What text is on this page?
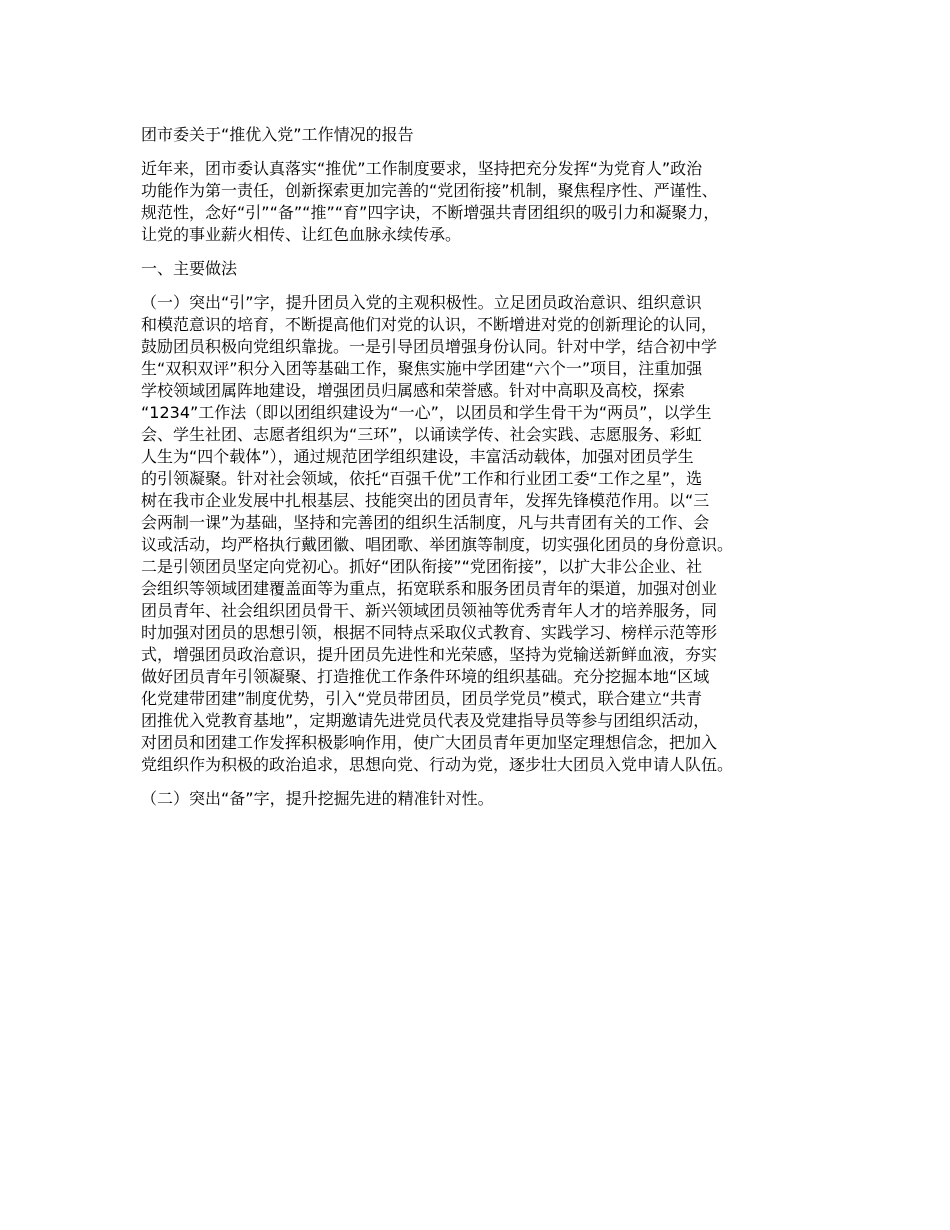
团市委关于“推优入党”工作情况的报告
近年来，团市委认真落实“推优”工作制度要求，坚持把充分发挥“为党育人”政治
功能作为第一责任，创新探索更加完善的“党团衔接”机制，聚焦程序性、严谨性、
规范性，念好“引”“备”“推”“育”四字诀，不断增强共青团组织的吸引力和凝聚力，
让党的事业薪火相传、让红色血脉永续传承。
一、主要做法
（一）突出“引”字，提升团员入党的主观积极性。立足团员政治意识、组织意识
和模范意识的培育，不断提高他们对党的认识，不断增进对党的创新理论的认同，
鼓励团员积极向党组织靠拢。一是引导团员增强身份认同。针对中学，结合初中学
生“双积双评”积分入团等基础工作，聚焦实施中学团建“六个一”项目，注重加强
学校领域团属阵地建设，增强团员归属感和荣誉感。针对中高职及高校，探索
“1234”工作法（即以团组织建设为“一心”，以团员和学生骨干为“两员”，以学生
会、学生社团、志愿者组织为“三环”，以诵读学传、社会实践、志愿服务、彩虹
人生为“四个载体”），通过规范团学组织建设，丰富活动载体，加强对团员学生
的引领凝聚。针对社会领域，依托“百强千优”工作和行业团工委“工作之星”，选
树在我市企业发展中扎根基层、技能突出的团员青年，发挥先锋模范作用。以“三
会两制一课”为基础，坚持和完善团的组织生活制度，凡与共青团有关的工作、会
议或活动，均严格执行戴团徽、唱团歌、举团旗等制度，切实强化团员的身份意识。
二是引领团员坚定向党初心。抓好“团队衔接”“党团衔接”，以扩大非公企业、社
会组织等领域团建覆盖面等为重点，拓宽联系和服务团员青年的渠道，加强对创业
团员青年、社会组织团员骨干、新兴领域团员领袖等优秀青年人才的培养服务，同
时加强对团员的思想引领，根据不同特点采取仪式教育、实践学习、榜样示范等形
式，增强团员政治意识，提升团员先进性和光荣感，坚持为党输送新鲜血液，夯实
做好团员青年引领凝聚、打造推优工作条件环境的组织基础。充分挖掘本地“区域
化党建带团建”制度优势，引入“党员带团员，团员学党员”模式，联合建立“共青
团推优入党教育基地”，定期邀请先进党员代表及党建指导员等参与团组织活动，
对团员和团建工作发挥积极影响作用，使广大团员青年更加坚定理想信念，把加入
党组织作为积极的政治追求，思想向党、行动为党，逐步壮大团员入党申请人队伍。
（二）突出“备”字，提升挖掘先进的精准针对性。
